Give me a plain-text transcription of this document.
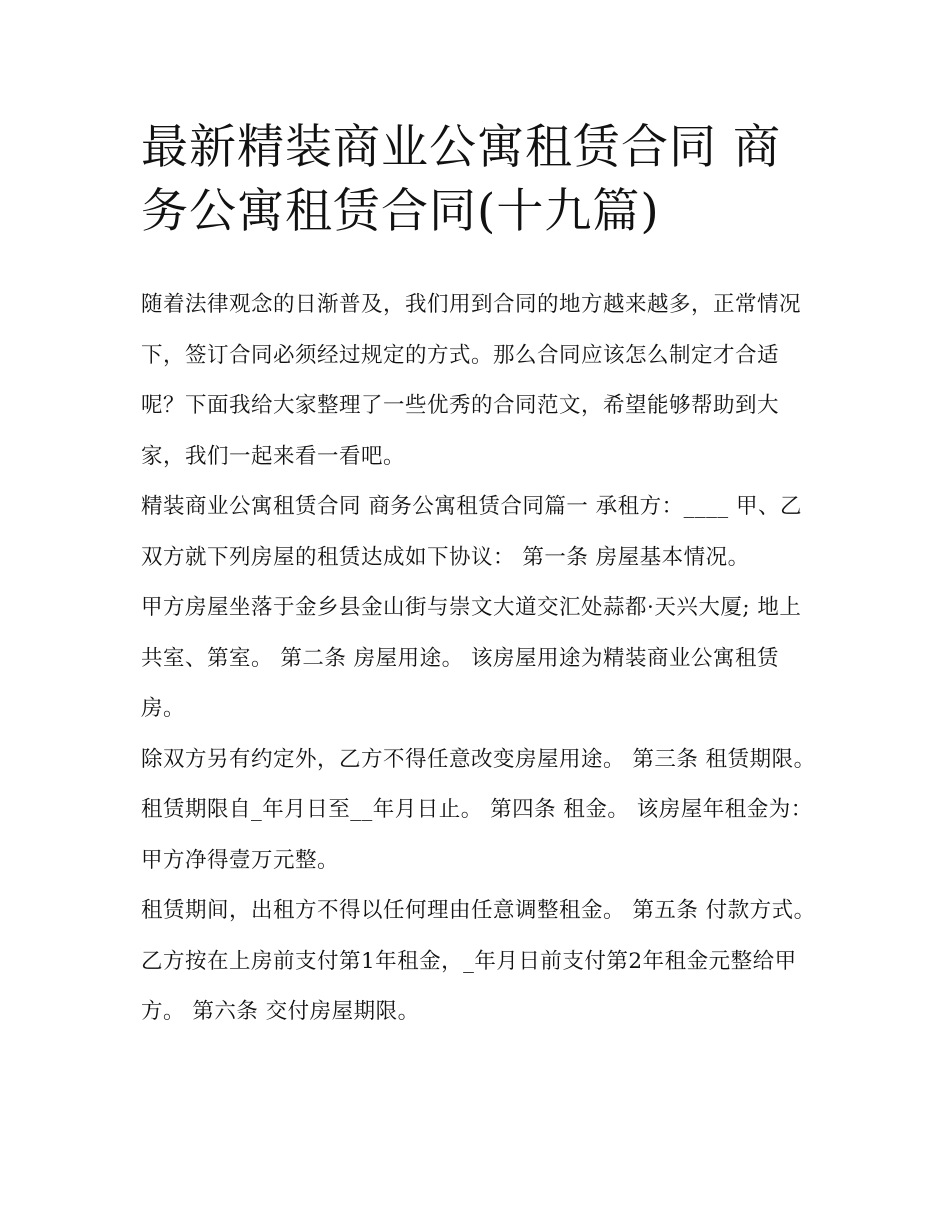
最新精装商业公寓租赁合同 商务公寓租赁合同(十九篇)

随着法律观念的日渐普及，我们用到合同的地方越来越多，正常情况下，签订合同必须经过规定的方式。那么合同应该怎么制定才合适呢？下面我给大家整理了一些优秀的合同范文，希望能够帮助到大家，我们一起来看一看吧。

精装商业公寓租赁合同 商务公寓租赁合同篇一 承租方：____ 甲、乙双方就下列房屋的租赁达成如下协议： 第一条 房屋基本情况。

甲方房屋坐落于金乡县金山街与崇文大道交汇处蒜都·天兴大厦; 地上共室、第室。 第二条 房屋用途。 该房屋用途为精装商业公寓租赁房。

除双方另有约定外，乙方不得任意改变房屋用途。 第三条 租赁期限。 租赁期限自_年月日至__年月日止。 第四条 租金。 该房屋年租金为：甲方净得壹万元整。

租赁期间，出租方不得以任何理由任意调整租金。 第五条 付款方式。 乙方按在上房前支付第1年租金，_年月日前支付第2年租金元整给甲方。 第六条 交付房屋期限。
